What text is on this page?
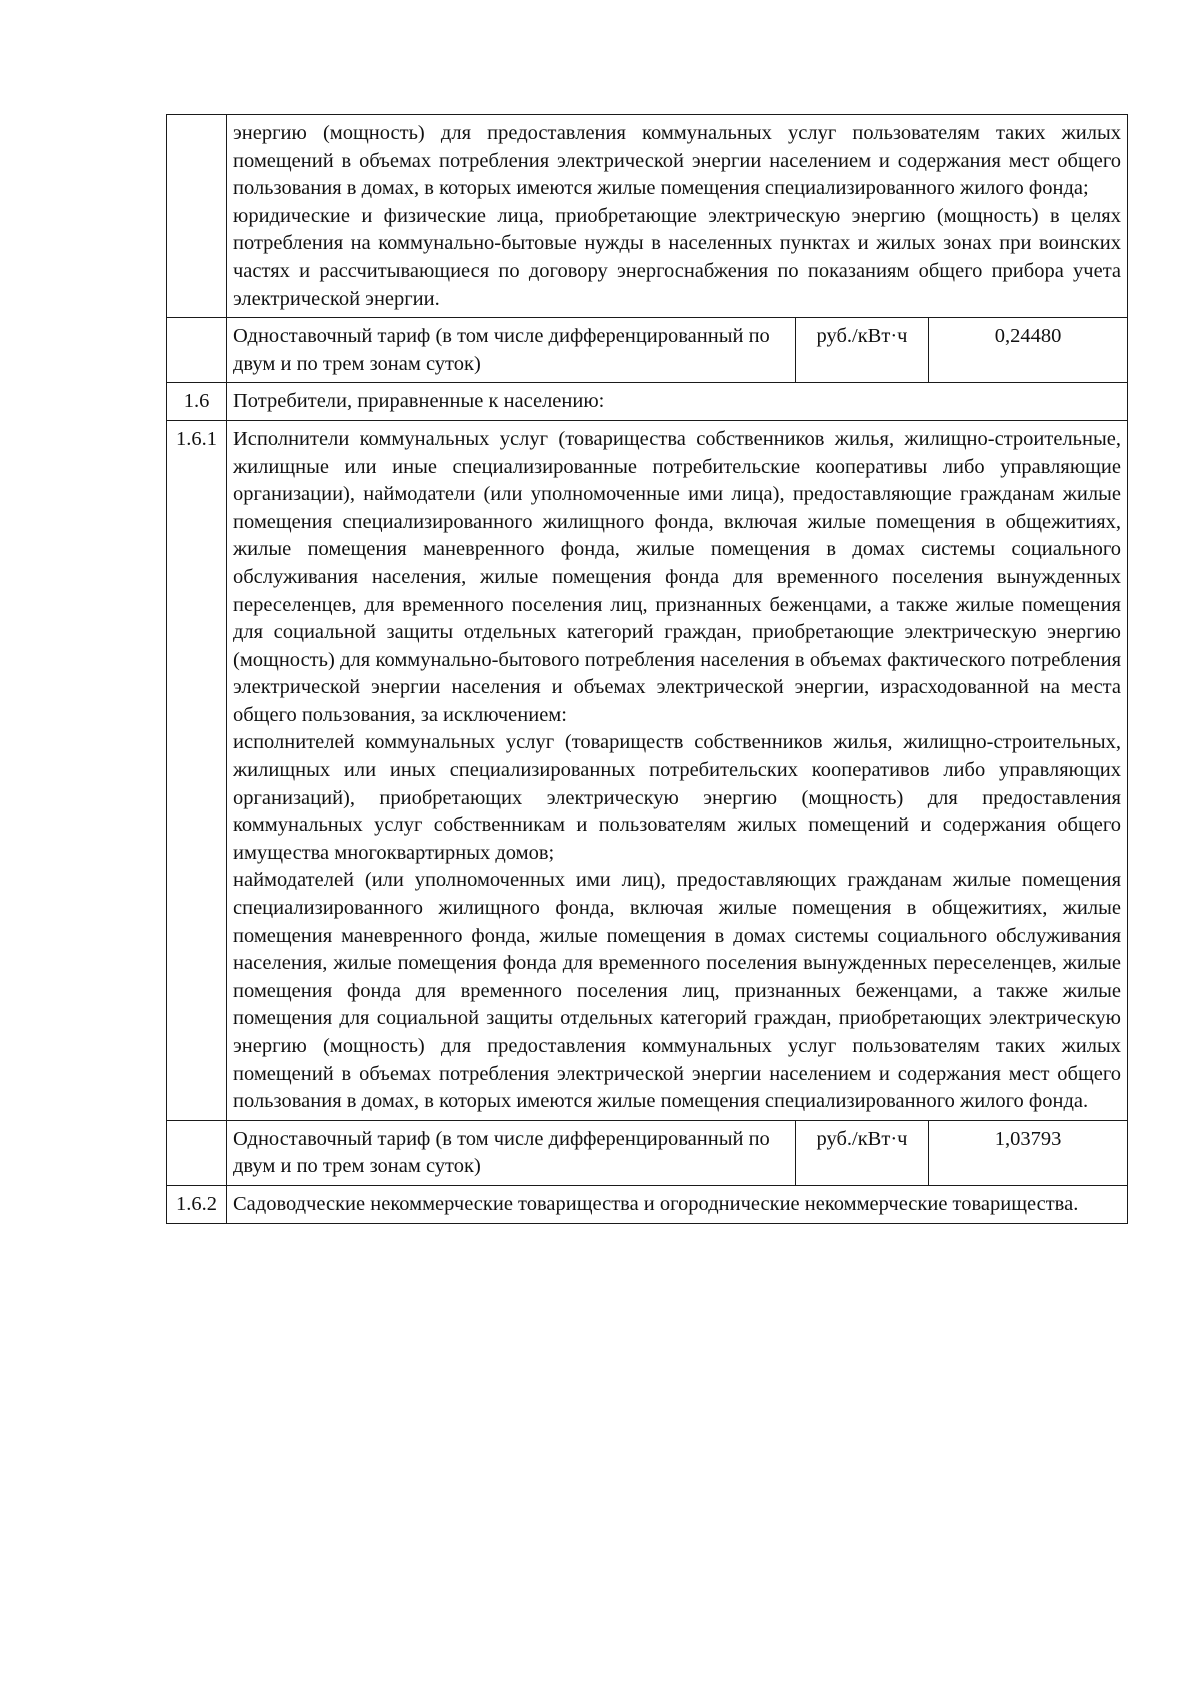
	энергию (мощность) для предоставления коммунальных услуг пользователям таких жилых помещений в объемах потребления электрической энергии населением и содержания мест общего пользования в домах, в которых имеются жилые помещения специализированного жилого фонда;
юридические и физические лица, приобретающие электрическую энергию (мощность) в целях потребления на коммунально-бытовые нужды в населенных пунктах и жилых зонах при воинских частях и рассчитывающиеся по договору энергоснабжения по показаниям общего прибора учета электрической энергии.		

	Одноставочный тариф (в том числе дифференцированный по двум и по трем зонам суток)	руб./кВт·ч	0,24480
1.6	Потребители, приравненные к населению:		

1.6.1	Исполнители коммунальных услуг (товарищества собственников жилья, жилищно-строительные, жилищные или иные специализированные потребительские кооперативы либо управляющие организации), наймодатели (или уполномоченные ими лица), предоставляющие гражданам жилые помещения специализированного жилищного фонда, включая жилые помещения в общежитиях, жилые помещения маневренного фонда, жилые помещения в домах системы социального обслуживания населения, жилые помещения фонда для временного поселения вынужденных переселенцев, для временного поселения лиц, признанных беженцами, а также жилые помещения для социальной защиты отдельных категорий граждан, приобретающие электрическую энергию (мощность) для коммунально-бытового потребления населения в объемах фактического потребления электрической энергии населения и объемах электрической энергии, израсходованной на места общего пользования, за исключением:
исполнителей коммунальных услуг (товариществ собственников жилья, жилищно-строительных, жилищных или иных специализированных потребительских кооперативов либо управляющих организаций), приобретающих электрическую энергию (мощность) для предоставления коммунальных услуг собственникам и пользователям жилых помещений и содержания общего имущества многоквартирных домов;
наймодателей (или уполномоченных ими лиц), предоставляющих гражданам жилые помещения специализированного жилищного фонда, включая жилые помещения в общежитиях, жилые помещения маневренного фонда, жилые помещения в домах системы социального обслуживания населения, жилые помещения фонда для временного поселения вынужденных переселенцев, жилые помещения фонда для временного поселения лиц, признанных беженцами, а также жилые помещения для социальной защиты отдельных категорий граждан, приобретающих электрическую энергию (мощность) для предоставления коммунальных услуг пользователям таких жилых помещений в объемах потребления электрической энергии населением и содержания мест общего пользования в домах, в которых имеются жилые помещения специализированного жилого фонда.		

	Одноставочный тариф (в том числе дифференцированный по двум и по трем зонам суток)	руб./кВт·ч	1,03793
1.6.2	Садоводческие некоммерческие товарищества и огороднические некоммерческие товарищества.		
